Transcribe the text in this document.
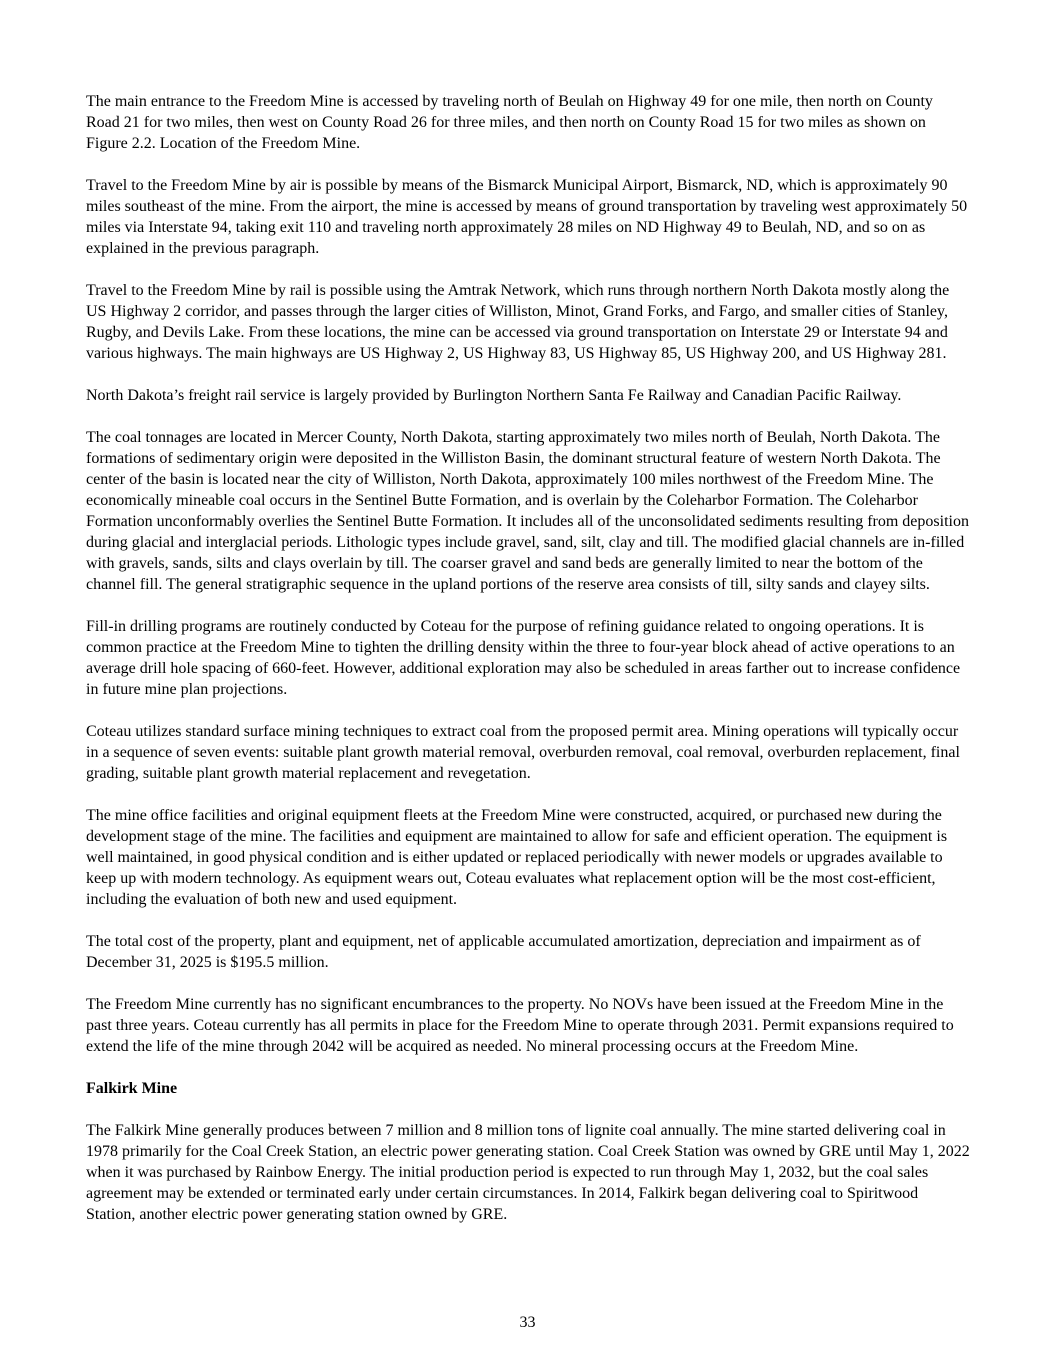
The main entrance to the Freedom Mine is accessed by traveling north of Beulah on Highway 49 for one mile, then north on County Road 21 for two miles, then west on County Road 26 for three miles, and then north on County Road 15 for two miles as shown on Figure 2.2. Location of the Freedom Mine.

Travel to the Freedom Mine by air is possible by means of the Bismarck Municipal Airport, Bismarck, ND, which is approximately 90 miles southeast of the mine. From the airport, the mine is accessed by means of ground transportation by traveling west approximately 50 miles via Interstate 94, taking exit 110 and traveling north approximately 28 miles on ND Highway 49 to Beulah, ND, and so on as explained in the previous paragraph.

Travel to the Freedom Mine by rail is possible using the Amtrak Network, which runs through northern North Dakota mostly along the US Highway 2 corridor, and passes through the larger cities of Williston, Minot, Grand Forks, and Fargo, and smaller cities of Stanley, Rugby, and Devils Lake. From these locations, the mine can be accessed via ground transportation on Interstate 29 or Interstate 94 and various highways. The main highways are US Highway 2, US Highway 83, US Highway 85, US Highway 200, and US Highway 281.

North Dakota’s freight rail service is largely provided by Burlington Northern Santa Fe Railway and Canadian Pacific Railway.

The coal tonnages are located in Mercer County, North Dakota, starting approximately two miles north of Beulah, North Dakota. The formations of sedimentary origin were deposited in the Williston Basin, the dominant structural feature of western North Dakota. The center of the basin is located near the city of Williston, North Dakota, approximately 100 miles northwest of the Freedom Mine. The economically mineable coal occurs in the Sentinel Butte Formation, and is overlain by the Coleharbor Formation. The Coleharbor Formation unconformably overlies the Sentinel Butte Formation. It includes all of the unconsolidated sediments resulting from deposition during glacial and interglacial periods. Lithologic types include gravel, sand, silt, clay and till. The modified glacial channels are in-filled with gravels, sands, silts and clays overlain by till. The coarser gravel and sand beds are generally limited to near the bottom of the channel fill. The general stratigraphic sequence in the upland portions of the reserve area consists of till, silty sands and clayey silts.

Fill-in drilling programs are routinely conducted by Coteau for the purpose of refining guidance related to ongoing operations. It is common practice at the Freedom Mine to tighten the drilling density within the three to four-year block ahead of active operations to an average drill hole spacing of 660-feet. However, additional exploration may also be scheduled in areas farther out to increase confidence in future mine plan projections.

Coteau utilizes standard surface mining techniques to extract coal from the proposed permit area. Mining operations will typically occur in a sequence of seven events: suitable plant growth material removal, overburden removal, coal removal, overburden replacement, final grading, suitable plant growth material replacement and revegetation.

The mine office facilities and original equipment fleets at the Freedom Mine were constructed, acquired, or purchased new during the development stage of the mine. The facilities and equipment are maintained to allow for safe and efficient operation. The equipment is well maintained, in good physical condition and is either updated or replaced periodically with newer models or upgrades available to keep up with modern technology. As equipment wears out, Coteau evaluates what replacement option will be the most cost-efficient, including the evaluation of both new and used equipment.

The total cost of the property, plant and equipment, net of applicable accumulated amortization, depreciation and impairment as of December 31, 2025 is $195.5 million.

The Freedom Mine currently has no significant encumbrances to the property. No NOVs have been issued at the Freedom Mine in the past three years. Coteau currently has all permits in place for the Freedom Mine to operate through 2031. Permit expansions required to extend the life of the mine through 2042 will be acquired as needed. No mineral processing occurs at the Freedom Mine.

Falkirk Mine

The Falkirk Mine generally produces between 7 million and 8 million tons of lignite coal annually. The mine started delivering coal in 1978 primarily for the Coal Creek Station, an electric power generating station. Coal Creek Station was owned by GRE until May 1, 2022 when it was purchased by Rainbow Energy. The initial production period is expected to run through May 1, 2032, but the coal sales agreement may be extended or terminated early under certain circumstances. In 2014, Falkirk began delivering coal to Spiritwood Station, another electric power generating station owned by GRE.

33
